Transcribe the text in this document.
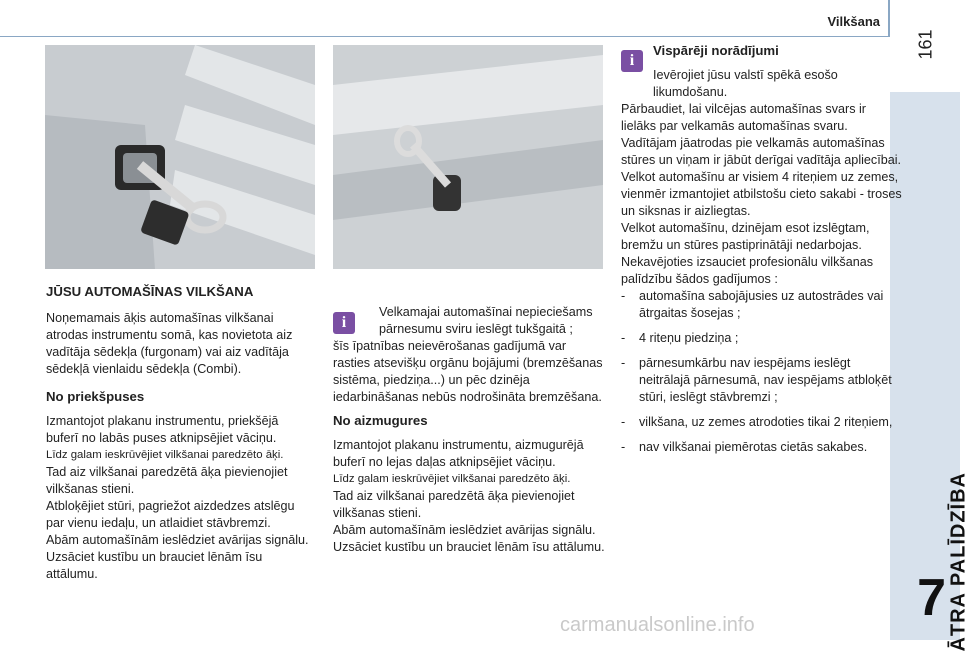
Vilkšana
161
ĀTRA PALĪDZĪBA
7
JŪSU AUTOMAŠĪNAS VILKŠANA

Noņemamais āķis automašīnas vilkšanai atrodas instrumentu somā, kas novietota aiz vadītāja sēdekļa (furgonam) vai aiz vadītāja sēdekļā vienlaidu sēdekļa (Combi).

No priekšpuses

Izmantojot plakanu instrumentu, priekšējā buferī no labās puses atknipsējiet vāciņu.

Līdz galam ieskrūvējiet vilkšanai paredzēto āķi.

Tad aiz vilkšanai paredzētā āķa pievienojiet vilkšanas stieni.

Atbloķējiet stūri, pagriežot aizdedzes atslēgu par vienu iedaļu, un atlaidiet stāvbremzi.

Abām automašīnām ieslēdziet avārijas signālu.

Uzsāciet kustību un brauciet lēnām īsu attālumu.

i

Velkamajai automašīnai nepieciešams pārnesumu sviru ieslēgt tukšgaitā ;

šīs īpatnības neievērošanas gadījumā var rasties atsevišķu orgānu bojājumi (bremzēšanas sistēma, piedziņa...) un pēc dzinēja iedarbināšanas nebūs nodrošināta bremzēšana.

No aizmugures

Izmantojot plakanu instrumentu, aizmugurējā buferī no lejas daļas atknipsējiet vāciņu.

Līdz galam ieskrūvējiet vilkšanai paredzēto āķi.

Tad aiz vilkšanai paredzētā āķa pievienojiet vilkšanas stieni.

Abām automašīnām ieslēdziet avārijas signālu.

Uzsāciet kustību un brauciet lēnām īsu attālumu.

i
Vispārēji norādījumi

Ievērojiet jūsu valstī spēkā esošo likumdošanu.

Pārbaudiet, lai vilcējas automašīnas svars ir lielāks par velkamās automašīnas svaru.

Vadītājam jāatrodas pie velkamās automašīnas stūres un viņam ir jābūt derīgai vadītāja apliecībai.

Velkot automašīnu ar visiem 4 riteņiem uz zemes, vienmēr izmantojiet atbilstošu cieto sakabi - troses un siksnas ir aizliegtas.

Velkot automašīnu, dzinējam esot izslēgtam, bremžu un stūres pastiprinātāji nedarbojas.

Nekavējoties izsauciet profesionālu vilkšanas palīdzību šādos gadījumos :

- automašīna sabojājusies uz autostrādes vai ātrgaitas šosejas ;
- 4 riteņu piedziņa ;
- pārnesumkārbu nav iespējams ieslēgt neitrālajā pārnesumā, nav iespējams atbloķēt stūri, ieslēgt stāvbremzi ;
- vilkšana, uz zemes atrodoties tikai 2 riteņiem,
- nav vilkšanai piemērotas cietās sakabes.
carmanualsonline.info
